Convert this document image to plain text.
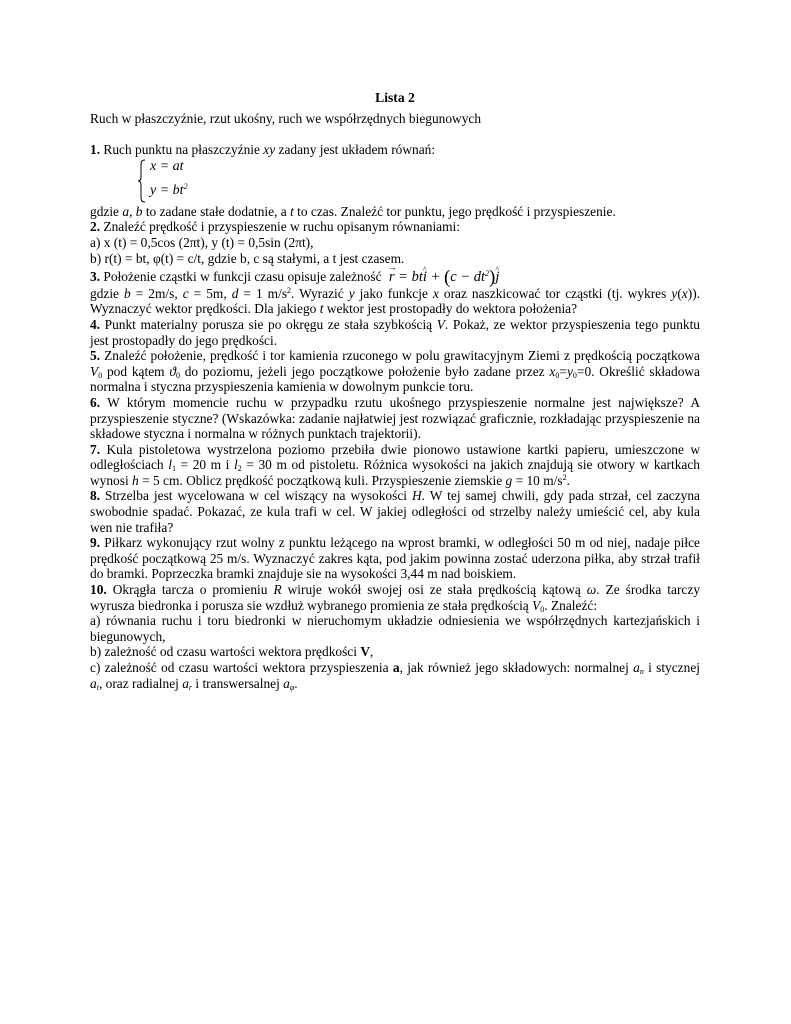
Lista 2

Ruch w płaszczyźnie, rzut ukośny, ruch we współrzędnych biegunowych

1. Ruch punktu na płaszczyźnie xy zadany jest układem równań:

x = at
$y = bt^2$

gdzie a, b to zadane stałe dodatnie, a t to czas. Znaleźć tor punktu, jego prędkość i przyspieszenie.

2. Znaleźć prędkość i przyspieszenie w ruchu opisanym równaniami:

a) x (t) = 0,5cos (2πt), y (t) = 0,5sin (2πt),

b) r(t) = bt, φ(t) = c/t, gdzie b, c są stałymi, a t jest czasem.

3. Położenie cząstki w funkcji czasu opisuje zależność → r = bt^ $i + (c - dt^2)\^{}$ j

gdzie b = 2m/s, c = 5m, d = 1 $m/s^2$. Wyrazić y jako funkcje x oraz naszkicować tor cząstki (tj. wykres y(x)). Wyznaczyć wektor prędkości. Dla jakiego t wektor jest prostopadły do wektora położenia?

4. Punkt materialny porusza sie po okręgu ze stała szybkością V. Pokaż, ze wektor przyspieszenia tego punktu jest prostopadły do jego prędkości.

5. Znaleźć położenie, prędkość i tor kamienia rzuconego w polu grawitacyjnym Ziemi z prędkością początkowa $V_0$ pod kątem $ϑ_0$ do poziomu, jeżeli jego początkowe położenie było zadane przez $x_0=y_0=0$. Określić składowa normalna i styczna przyspieszenia kamienia w dowolnym punkcie toru.

6. W którym momencie ruchu w przypadku rzutu ukośnego przyspieszenie normalne jest największe? A przyspieszenie styczne? (Wskazówka: zadanie najłatwiej jest rozwiązać graficznie, rozkładając przyspieszenie na składowe styczna i normalna w różnych punktach trajektorii).

7. Kula pistoletowa wystrzelona poziomo przebiła dwie pionowo ustawione kartki papieru, umieszczone w odległościach $l_1 = 20$ m i $l_2 = 30$ m od pistoletu. Różnica wysokości na jakich znajdują sie otwory w kartkach wynosi h = 5 cm. Oblicz prędkość początkową kuli. Przyspieszenie ziemskie g = 10 $m/s^2$.

8. Strzelba jest wycelowana w cel wiszący na wysokości H. W tej samej chwili, gdy pada strzał, cel zaczyna swobodnie spadać. Pokazać, ze kula trafi w cel. W jakiej odległości od strzelby należy umieścić cel, aby kula wen nie trafiła?

9. Piłkarz wykonujący rzut wolny z punktu leżącego na wprost bramki, w odległości 50 m od niej, nadaje piłce prędkość początkową 25 m/s. Wyznaczyć zakres kąta, pod jakim powinna zostać uderzona piłka, aby strzał trafił do bramki. Poprzeczka bramki znajduje sie na wysokości 3,44 m nad boiskiem.

10. Okrągła tarcza o promieniu R wiruje wokół swojej osi ze stała prędkością kątową ω. Ze środka tarczy wyrusza biedronka i porusza sie wzdłuż wybranego promienia ze stała prędkością $V_0$. Znaleźć:

a) równania ruchu i toru biedronki w nieruchomym układzie odniesienia we współrzędnych kartezjańskich i biegunowych,

b) zależność od czasu wartości wektora prędkości V,

c) zależność od czasu wartości wektora przyspieszenia a, jak również jego składowych: normalnej $a_n$ i stycznej $a_t$, oraz radialnej $a_r$ i transwersalnej $a_\varphi$.
